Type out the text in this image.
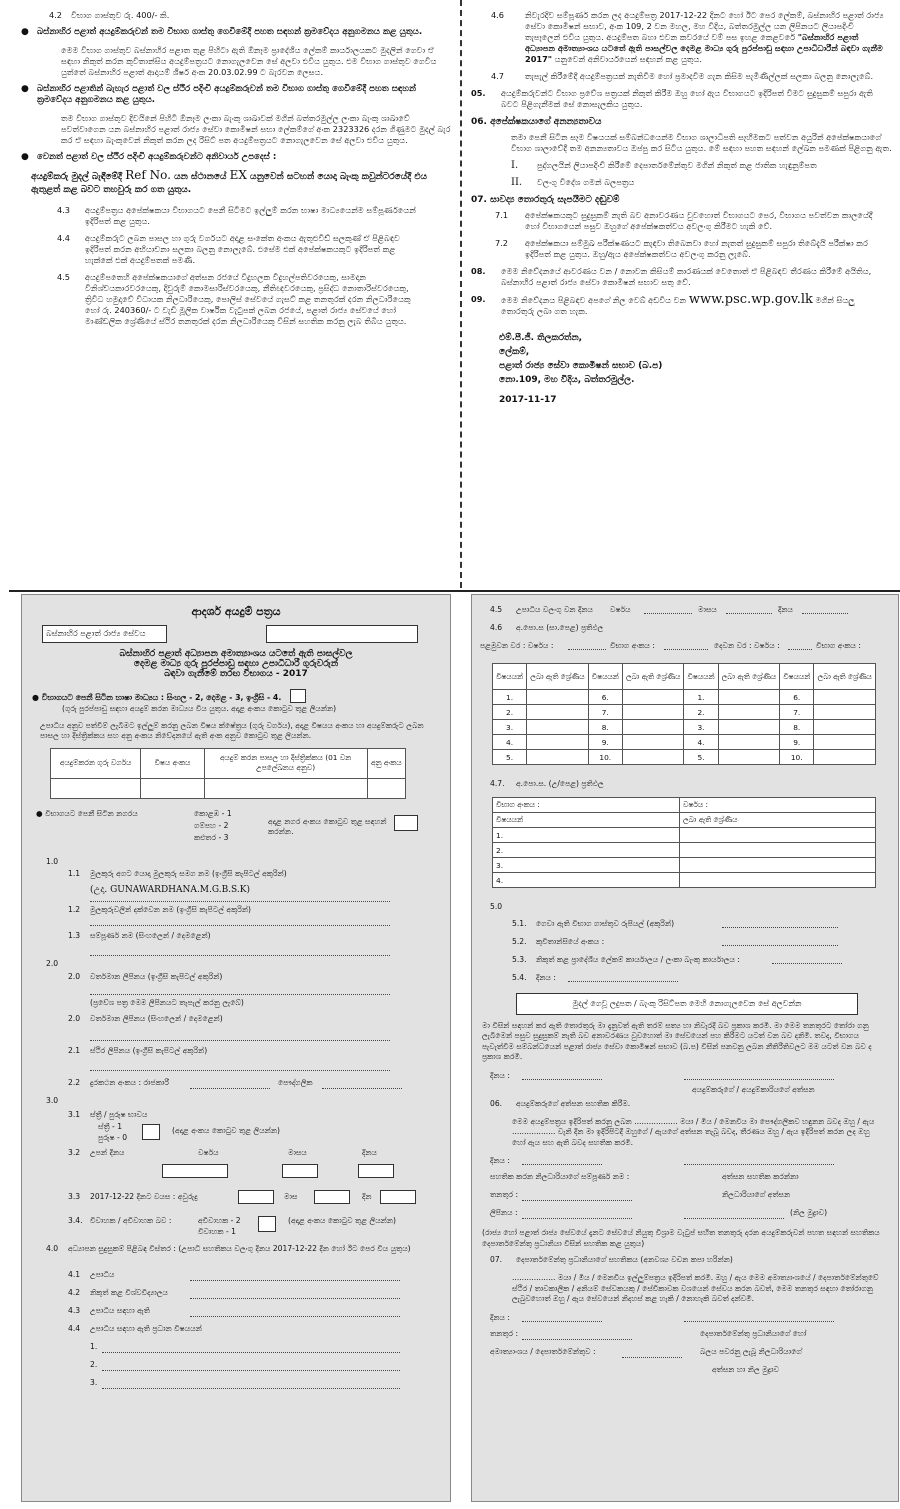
4.2 විභාග ගාස්තුව රු. 400/- කි.

● බස්නාහිර පළාත් අයදුම්කරුවන් තම විභාග ගාස්තු ගෙවීමේදී පහත සඳහන් ක්‍රමවේදය අනුගමනය කළ යුතුය.

මෙම විභාග ගාස්තුව බස්නාහිර පළාත තුළ පිහිටා ඇති ඕනෑම ප්‍රාදේශීය ලේකම් කාර්යාලයකට මුදලින් ගෙවා ඒ සඳහා නිකුත් කරන කුවිතාන්සිය අයදුම්පත්‍රයට නොගැලවෙන සේ අලවා එවිය යුතුය. එම විභාග ගාස්තුව ගෙවිය යුත්තේ බස්නාහිර පළාත් ආදායම් ශීර්ෂ අංක 20.03.02.99 ට බැරවන ලෙසය.

● බස්නාහිර පළාතින් බැහැර පළාත් වල ස්ථිර පදිංචි අයදුම්කරුවන් තම විභාග ගාස්තු ගෙවීමේදී පහත සඳහන් ක්‍රමවේදය අනුගමනය කළ යුතුය.

තම විභාග ගාස්තුව දිවයිනේ පිහිටි ඕනෑම ලංකා බැංකු ශාඛාවක් මගින් බත්තරමුල්ල ලංකා බැංකු ශාඛාවේ පවත්වාගෙන යන බස්නාහිර පළාත් රාජ්‍ය සේවා කොමිෂන් සභා ලේකම්ගේ අංක 2323326 දරන ගිණුමට මුදල් බැර කර ඒ සඳහා බැංකුවෙන් නිකුත් කරන ලද රිසිට් පත අයදුම්පත්‍රයට නොගැලවෙන සේ අලවා එවිය යුතුය.

● වෙනත් පළාත් වල ස්ථිර පදිංචි අයදුම්කරුවන්ට අනිවාර්ය උපදෙස් :
අයදුම්කරු මුදල් බැඳීමේදී Ref No. යන ස්ථානයේ EX යනුවෙන් සටහන් යොදා බැංකු කවුන්ටරයේදී එය ඇතුළත් කළ බවට තහවුරු කර ගත යුතුය.

4.3 අයදුම්පත්‍රය අපේක්ෂකයා විභාගයට පෙනී සිටීමට ඉල්ලුම් කරන භාෂා මාධ්‍යයෙන්ම සම්පූර්ණයෙන් ඉදිරිපත් කළ යුතුය.

4.4 අයදුම්කරුට ලබන පාසල හා ගුරු වර්ගයට අදාළ සංකේත අංකය ඇතුළුවීඩ් සලකුණ් ඒ පිළිබඳව ඉදිරිපත් කරන අභියාචනා සලකා බලනු නොලැබේ. එසේම එක් අපේක්ෂකයකුට ඉදිරිපත් කළ හැක්කේ එක් අයදුම්පතක් පමණි.

4.5 අයදුම්පතෙහි අපේක්ෂකයාගේ අත්සන රජයේ විදුහලක විදුහල්පතිවරයෙකු, සාමදාන විනිශ්චයකාරවරයෙකු, දිවුරුම් කොමසාරිස්වරයෙකු, නීතිඥවරයෙකු, ප්‍රසිද්ධ නොතාරිස්වරයෙකු, ත්‍රිවිධ හමුදාවේ විධායක නිලධාරියෙකු, පොලිස් සේවයේ ගැසට් කළ තනතුරක් දරන නිලධාරියෙකු හෝ රු. 240360/- ට වැඩි මූලික වාර්ෂික වැටුපක් ලබන රජයේ, පළාත් රාජ්‍ය සේවයේ හෝ මාණ්ඩලික ශ්‍රේණියේ ස්ථිර තනතුරක් දරන නිලධාරියෙකු විසින් සහතික කරනු ලැබ තිබිය යුතුය.

4.6	නිවැරදිව සම්පූර්ණ කරන ලද අයදුම්පත්‍ර 2017-12-22 දිනට හෝ ඊට පෙර ලේකම්, බස්නාහිර පළාත් රාජ්‍ය සේවා කොමිෂන් සභාව, අංක 109, 2 වන මහල, මහ විදිය, බත්තරමුල්ල යන ලිපිනයට ලියාපදිංචි තැපෑලෙන් එවිය යුතුය. අයදුම්පත බහා එවන කවරයේ වම් පස ඉහළ කෙළවරේ "බස්නාහිර පළාත් අධ්‍යාපන අමාත්‍යාංශය යටතේ ඇති පාසල්වල දෙමළ මාධ්‍ය ගුරු පුරප්පාඩු සඳහා උපාධිධාරීන් බඳවා ගැනීම 2017" යනුවෙන් අනිවාර්යයෙන් සඳහන් කළ යුතුය.

4.7	තැපැල් කිරීමේදී අයදුම්පත්‍රයක් නැතිවීම හෝ ප්‍රමාදවීම ගැන කිසිම පැමිණිල්ලක් සලකා බලනු නොලැබේ.

05. අයදුම්කරුවන්ට විභාග ප්‍රවේශ පත්‍රයක් නිකුත් කිරීම ඔහු හෝ ඇය විභාගයට ඉදිරිපත් වීමට සුදුසුකම් සපුරා ඇති බවට පිළිගැනීමක් සේ නොසැලකිය යුතුය.

06. අපේක්ෂකයාගේ අනන්‍යතාවය

තමා පෙනී සිටින සෑම විෂයයක් සම්බන්ධයෙන්ම විභාග ශාලාධිපති සෑහීමකට පත්වන අයුරින් අපේක්ෂකයාගේ විභාග ශාලාවේදී තම අනන්‍යතාවය ඔප්පු කර සිටිය යුතුය. මේ සඳහා පහත සඳහන් ලේඛන පමණක් පිළිගනු ඇත.

I. පුද්ගලයින් ලියාපදිංචි කිරීමේ දෙපාර්තමේන්තුව මගින් නිකුත් කළ ජාතික හැඳුනුම්පත

II. වලංගු විදේශ ගමන් බලපත්‍රය

07. සාවද්‍ය තොරතුරු සැපයීමට දඬුවම්

7.1 අපේක්ෂකයකුට සුදුසුකම් නැති බව අනාවරණය වුවහොත් විභාගයට පෙර, විභාගය පවත්වන කාලයේදී හෝ විභාගයෙන් පසුව ඔහුගේ අපේක්ෂකත්වය අවලංගු කිරීමට හැකි වේ.

7.2 අපේක්ෂකයා සම්මුඛ පරීක්ෂණයට කැඳවා තිබෙනවා හෝ නැතත් සුදුසුකම් සපුරා තිබේදැයි පරීක්ෂා කර ඉදිරිපත් කළ යුතුය. ඔහු/ඇය අපේක්ෂකත්වය අවලංගු කරනු ලැබේ.

08. මෙම නිවේදනයේ ආවරණය වන / නොවන කිසියම් කාරණයක් වෙතොත් ඒ පිළිබඳව තීරණය කිරීමේ අයිතිය, බස්නාහිර පළාත් රාජ්‍ය සේවා කොමිෂන් සභාව සතු වේ.

09. මෙම නිවේදනය පිළිබඳව අපගේ නිල වෙබ් අඩවිය වන www.psc.wp.gov.lk මගින් සියලු තොරතුරු ලබා ගත හැක.

එම්.පී.ජී. තිලකරත්න,
ලේකම්,
පළාත් රාජ්‍ය සේවා කොමිෂන් සභාව (බ.ප)
නො.109, මහ විදිය, බත්තරමුල්ල.
2017-11-17
ආදර්ශ අයදුම් පත්‍රය
බස්නාහිර පළාත් රාජ්‍ය සේවය
බස්නාහිර පළාත් අධ්‍යාපන අමාත්‍යාංශය යටතේ ඇති පාසල්වල
දෙමළ මාධ්‍ය ගුරු පුරප්පාඩු සඳහා උපාධිධාරී ගුරුවරුන්
බඳවා ගැනීමේ තරඟ විභාගය - 2017
● විභාගයට පෙනී සිටින භාෂා මාධ්‍යය : සිංහල - 2, දෙමළ - 3, ඉංග්‍රීසි - 4.

(ගුරු පුරප්පාඩු සඳහා අයදුම් කරන මාධ්‍යය විය යුතුය. අදාළ අංකය කොටුව තුළ ලියන්න)

උපාධිය අනුව පත්වීම් ලැබීමට ඉල්ලුම් කරනු ලබන විෂය ක්ෂේත්‍රය (ගුරු වර්ගය), අදාළ විෂයය අංකය හා අයදුම්කරුට ලබන පාසල හා දිස්ත්‍රික්කය සහ අනු අංකය නිවේදනයේ ඇති අංක අනුව කොටුව තුළ ලියන්න.

අයදුම්කරන ගුරු වර්ගය	විෂය අංකය	අයදුම් කරන පාසල හා දිස්ත්‍රික්කය (01 වන උපලේඛනය අනුව)	අනු අංකය

● විභාගයට පෙනී සිටින නගරය	කොළඹ - 1
ගම්පහ - 2
කළුතර - 3
අදාළ නගර අංකය කොටුව තුළ සඳහන් කරන්න.
1.0
1.1 මුලකුරු අගට යොදා මුලකුරු සමග නම (ඉංග්‍රීසි කැපිටල් අකුරින්)
(උදා. GUNAWARDHANA.M.G.B.S.K)
1.2 මුලකුරුවලින් දක්වෙන නම (ඉංග්‍රීසි කැපිටල් අකුරින්)
1.3 සම්පූර්ණ නම (සිංහලෙන් / දෙමළෙන්)
2.0
2.0 වර්තමාන ලිපිනය (ඉංග්‍රීසි කැපිටල් අකුරින්)
(ප්‍රවේශ පත්‍ර මෙම ලිපිනයට තැපැල් කරනු ලැබේ)
2.0 වර්තමාන ලිපිනය (සිංහලෙන් / දෙමළෙන්)
2.1 ස්ථිර ලිපිනය (ඉංග්‍රීසි කැපිටල් අකුරින්)
2.2 දුරකථන අංකය : රාජකාරී	පෞද්ගලික
3.0
3.1 ස්ත්‍රී / පුරුෂ භාවය
ස්ත්‍රී - 1
පුරුෂ - 0
(අදාළ අංකය කොටුව තුළ ලියන්න)
3.2 උපන් දිනය	වර්ෂය	මාසය	දිනය
3.3 2017-12-22 දිනට වයස : අවුරුදු	මාස	දින
3.4. විවාහක / අවිවාහක බව :	අවිවාහක - 2
විවාහක - 1
(අදාළ අංකය කොටුව තුළ ලියන්න)
4.0 අධ්‍යාපන සුදුසුකම් පිළිබඳ විස්තර : (උපාධි සහතිකය වලංගු දිනය 2017-12-22 දින හෝ ඊට පෙර විය යුතුය)
4.1 උපාධිය
4.2 නිකුත් කළ විශ්වවිද්‍යාලය
4.3 උපාධිය සඳහා ඇති
4.4 උපාධිය සඳහා ඇති ප්‍රධාන විෂයයන්
1.
2.
3.
4.5 උපාධිය වලංගු වන දිනය වර්ෂය	මාසය	දිනය
4.6 අ.පො.ස (සා.පෙළ) ප්‍රතිඵල
පළමුවන වර : වර්ෂය :	විභාග අංකය :	දෙවන වර : වර්ෂය :	විභාග අංකය :
විෂයයන්	ලබා ඇති ශ්‍රේණිය	විෂයයන්	ලබා ඇති ශ්‍රේණිය	විෂයයන්	ලබා ඇති ශ්‍රේණිය	විෂයයන්	ලබා ඇති ශ්‍රේණිය
1.		6.		1.		6.	
2.		7.		2.		7.	
3.		8.		3.		8.	
4.		9.		4.		9.	
5.		10.		5.		10.	
4.7. අ.පො.ස. (උ/පෙළ) ප්‍රතිඵල
විභාග අංකය :	වර්ෂය :
විෂයයන්	ලබා ඇති ශ්‍රේණිය
1.	
2.	
3.	
4.	
5.0
5.1. ගෙවා ඇති විභාග ගාස්තුව රුපියල් (අකුරින්)
5.2. කුවිතාන්සියේ අංකය :
5.3. නිකුත් කළ ප්‍රාදේශීය ලේකම් කාර්යාලය / ලංකා බැංකු කාර්යාලය :
5.4. දිනය :
මුදල් ගෙවූ ලදුපත / බැංකු රිසිට්පත මෙහි නොගැලවෙන සේ අලවන්න

මා විසින් සඳහන් කර ඇති තොරතුරු මා දැනුවත් ඇති තරම් සත්‍ය හා නිවැරදි බව ප්‍රකාශ කරමි. මා මෙම තනතුරට තෝරා ගනු ලැබීමෙන් පසුව සුදුසුකම් නැති බව අනාවරණය වුවහොත් මා සේවයෙන් පහ කිරීමට යටත් වන බව දනිමි. තවද, විභාගය පැවැත්වීම සම්බන්ධයෙන් පළාත් රාජ්‍ය සේවා කොමිෂන් සභාව (බ.ප) විසින් පනවනු ලබන නීතිරීතිවලට මම යටත් වන බව ද ප්‍රකාශ කරමි.

දිනය :
අයදුම්කරුගේ / අයදුම්කාරියගේ අත්සන
06. අයදුම්කරුගේ අත්සන සහතික කිරීම.

මෙම අයදුම්පත්‍රය ඉදිරිපත් කරනු ලබන .................. මයා / මිය / මෙනවිය මා පෞද්ගලිකව හඳුනන බවද ඔහු / ඇය .................. වැනි දින මා ඉදිරිපිටදී ඔහුගේ / ඇයගේ අත්සන තැබූ බවද, තීරණය ඔහු / ඇය ඉදිරිපත් කරන ලද ඔහු හෝ ඇය සහ ඇති බවද සහතික කරමි.

දිනය :
සහතික කරන නිලධාරියාගේ සම්පූර්ණ නම :	අත්සන සහතික කරන්නා
තනතුර :	නිලධාරියාගේ අත්සන
ලිපිනය :	(නිල මුද්‍රාව)

(රාජ්‍ය හෝ පළාත් රාජ්‍ය සේවයේ දැනට සේවයේ නියුතු විශ්‍රාම වැටුප් සහිත තනතුරු දරන අයදුම්කරුවන් පහත සඳහන් සහතිකය දෙපාර්තමේන්තු ප්‍රධානියා විසින් සහතික කළ යුතුය)

07. දෙපාර්තමේන්තු ප්‍රධානියාගේ සහතිකය (අනවශ්‍ය වචන කපා හරින්න)

.................. මයා / මිය / මෙනවිය ඉල්ලුම්පත්‍රය ඉදිරිපත් කරමි. ඔහු / ඇය මෙම අමාත්‍යාංශයේ / දෙපාර්තමේන්තුවේ ස්ථිර / තාවකාලික / අනියම් සේවකයකු / සේවිකාවක වශයෙන් සේවය කරන බවත්, මෙම තනතුර සඳහා තෝරාගනු ලැබුවහොත් ඔහු / ඇය සේවයෙන් නිදහස් කළ හැකි / නොහැකි බවත් දන්වමි.

දිනය :
තනතුර :	දෙපාර්තමේන්තු ප්‍රධානියාගේ හෝ
අමාත්‍යාංශය / දෙපාර්තමේන්තුව :	බලය පවරනු ලැබූ නිලධාරියාගේ
අත්සන හා නිල මුද්‍රාව
